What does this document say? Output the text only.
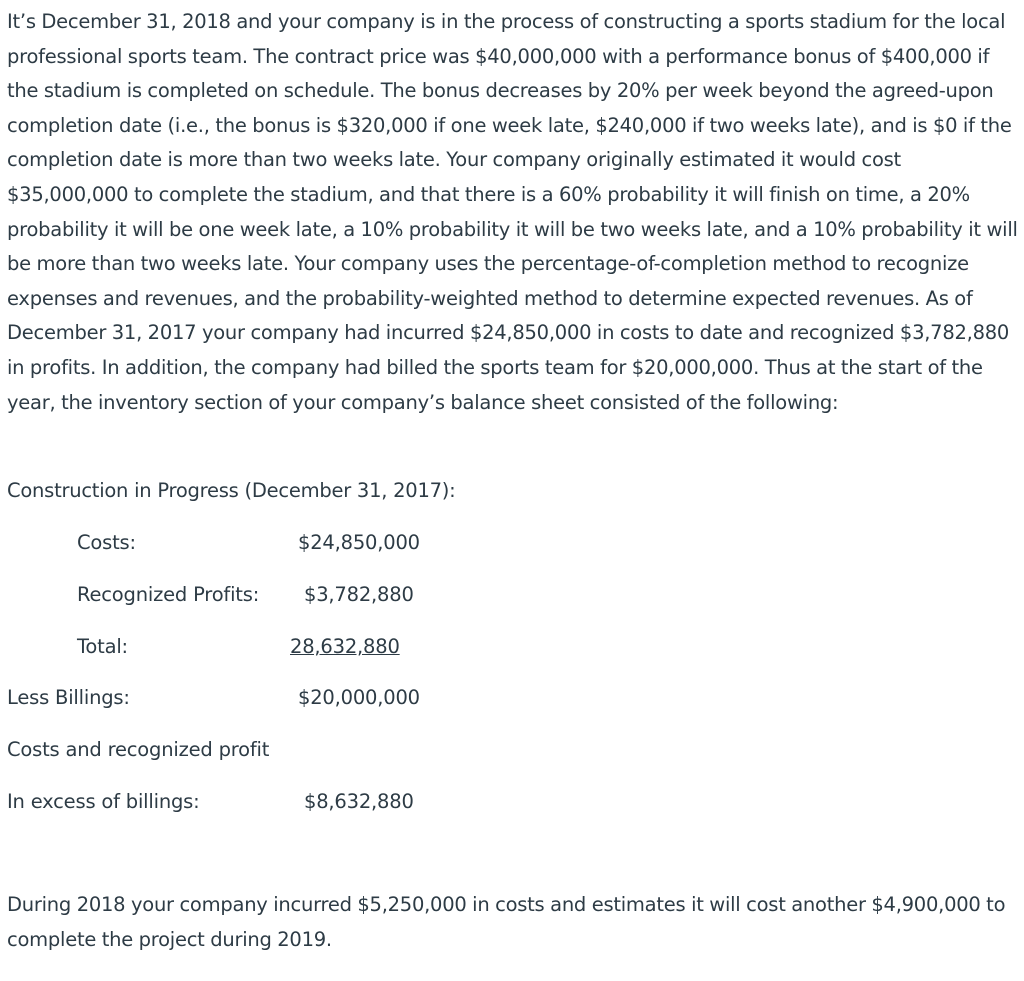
It’s December 31, 2018 and your company is in the process of constructing a sports stadium for the local professional sports team. The contract price was $40,000,000 with a performance bonus of $400,000 if the stadium is completed on schedule. The bonus decreases by 20% per week beyond the agreed-upon completion date (i.e., the bonus is $320,000 if one week late, $240,000 if two weeks late), and is $0 if the completion date is more than two weeks late. Your company originally estimated it would cost $35,000,000 to complete the stadium, and that there is a 60% probability it will finish on time, a 20% probability it will be one week late, a 10% probability it will be two weeks late, and a 10% probability it will be more than two weeks late. Your company uses the percentage-of-completion method to recognize expenses and revenues, and the probability-weighted method to determine expected revenues. As of December 31, 2017 your company had incurred $24,850,000 in costs to date and recognized $3,782,880 in profits. In addition, the company had billed the sports team for $20,000,000. Thus at the start of the year, the inventory section of your company’s balance sheet consisted of the following:

Construction in Progress (December 31, 2017):

Costs:	$24,850,000
Recognized Profits: $3,782,880
Total:	28,632,880
Less Billings:	$20,000,000
Costs and recognized profit
In excess of billings:	$8,632,880

During 2018 your company incurred $5,250,000 in costs and estimates it will cost another $4,900,000 to complete the project during 2019.
